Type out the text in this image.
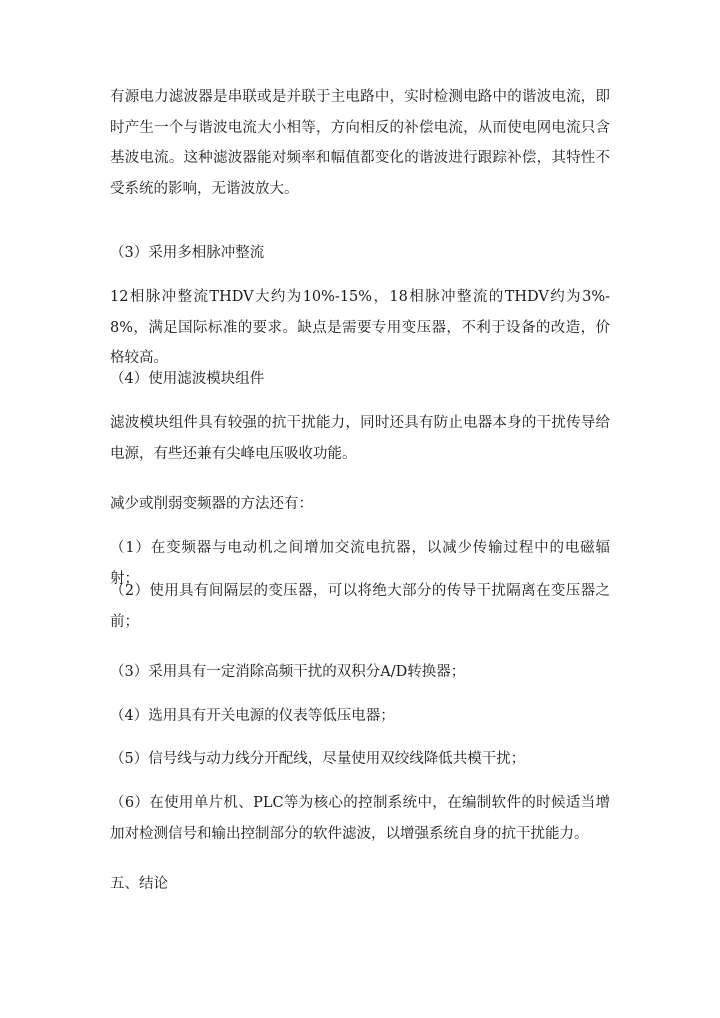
有源电力滤波器是串联或是并联于主电路中，实时检测电路中的谐波电流，即时产生一个与谐波电流大小相等，方向相反的补偿电流，从而使电网电流只含基波电流。这种滤波器能对频率和幅值都变化的谐波进行跟踪补偿，其特性不受系统的影响，无谐波放大。

（3）采用多相脉冲整流

12相脉冲整流THDV大约为10%-15%，18相脉冲整流的THDV约为3%-8%，满足国际标准的要求。缺点是需要专用变压器，不利于设备的改造，价格较高。

（4）使用滤波模块组件

滤波模块组件具有较强的抗干扰能力，同时还具有防止电器本身的干扰传导给电源，有些还兼有尖峰电压吸收功能。

减少或削弱变频器的方法还有：

（1）在变频器与电动机之间增加交流电抗器，以减少传输过程中的电磁辐射；

（2）使用具有间隔层的变压器，可以将绝大部分的传导干扰隔离在变压器之前；

（3）采用具有一定消除高频干扰的双积分A/D转换器；

（4）选用具有开关电源的仪表等低压电器；

（5）信号线与动力线分开配线，尽量使用双绞线降低共模干扰；

（6）在使用单片机、PLC等为核心的控制系统中，在编制软件的时候适当增加对检测信号和输出控制部分的软件滤波，以增强系统自身的抗干扰能力。

五、结论
